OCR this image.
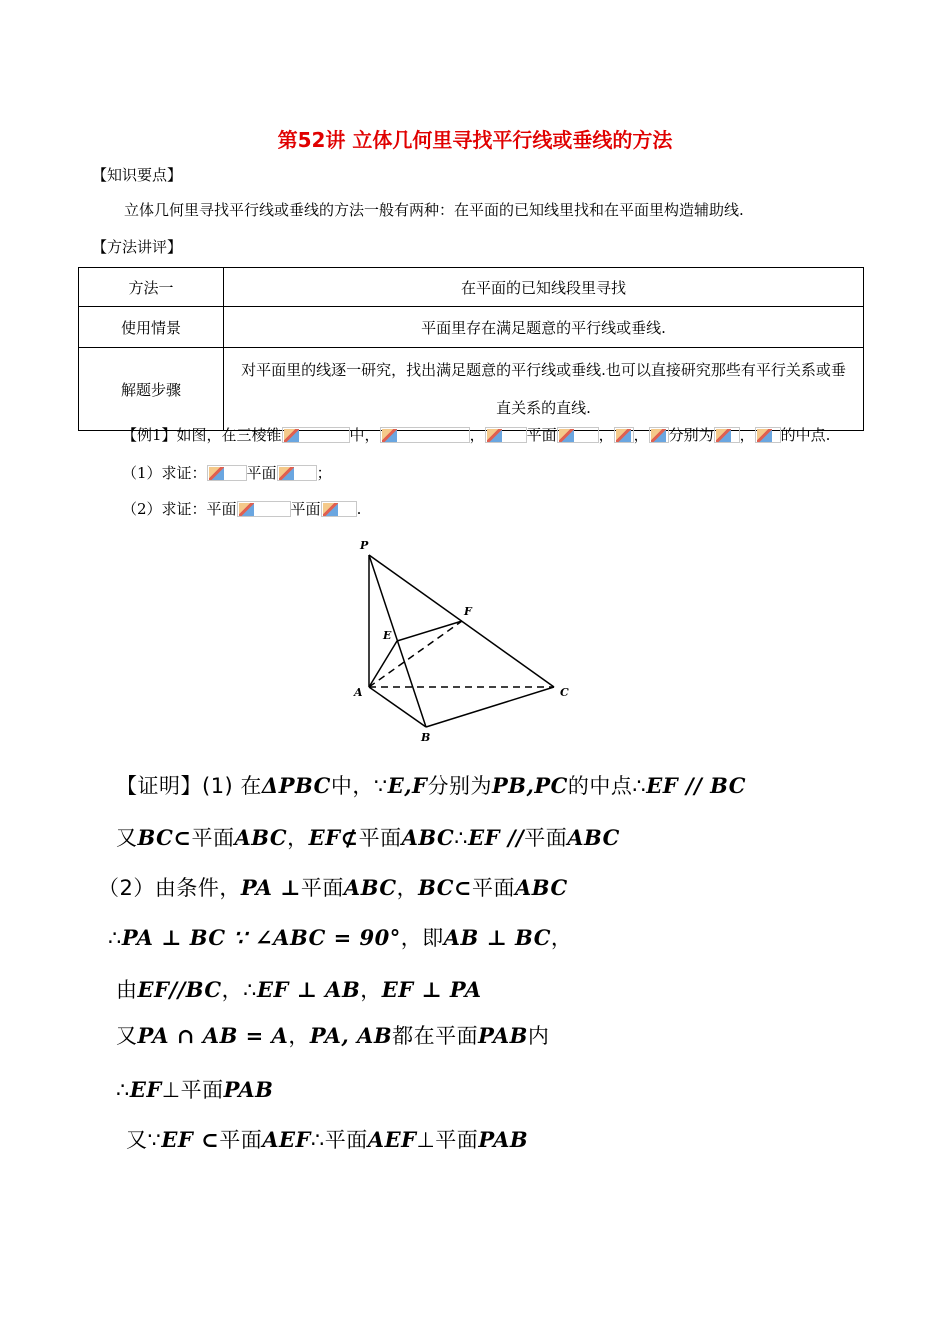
第52讲 立体几何里寻找平行线或垂线的方法
【知识要点】
立体几何里寻找平行线或垂线的方法一般有两种：在平面的已知线里找和在平面里构造辅助线.
【方法讲评】
方法一	在平面的已知线段里寻找
使用情景	平面里存在满足题意的平行线或垂线.
解题步骤	对平面里的线逐一研究，找出满足题意的平行线或垂线.也可以直接研究那些有平行关系或垂直关系的直线.
【例1】如图，在三棱锥	中，	，	平面	， ， 分别为 ， 的中点.
（1）求证：	平面	；
（2）求证：平面	平面 .
P
F
E
A	C
B
【证明】(1) 在ΔPBC中，∵E,F分别为PB,PC的中点∴EF // BC
又BC⊂平面ABC，EF⊄平面ABC∴EF //平面ABC
（2）由条件，PA ⊥平面ABC，BC⊂平面ABC
∴PA ⊥ BC ∵ ∠ABC = 90°，即AB ⊥ BC，
由EF//BC，∴EF ⊥ AB，EF ⊥ PA
又PA ∩ AB = A，PA, AB都在平面PAB内
∴EF⊥平面PAB
又∵EF ⊂平面AEF∴平面AEF⊥平面PAB
